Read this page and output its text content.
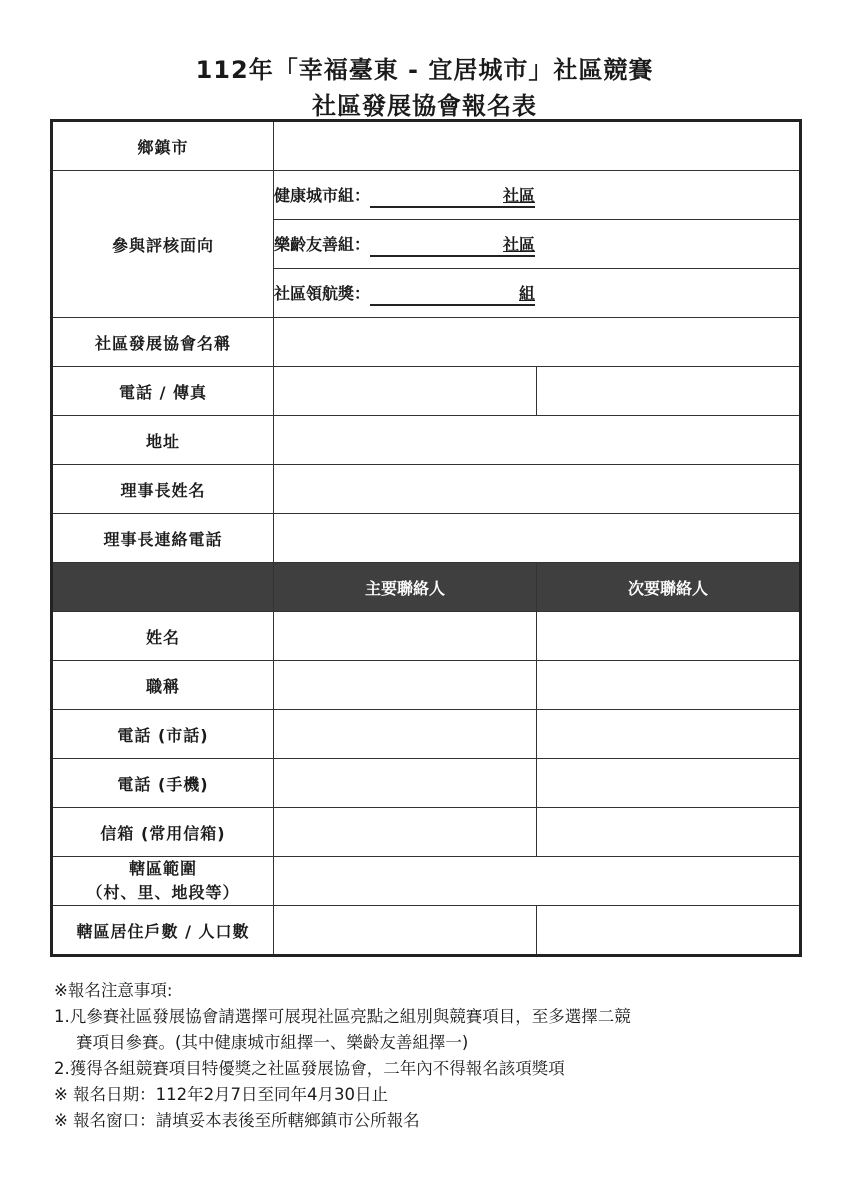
112年「幸福臺東 - 宜居城市」社區競賽
社區發展協會報名表
鄉鎮市		
參與評核面向	健康城市組： 社區	
	樂齡友善組： 社區	
	社區領航獎： 組	
社區發展協會名稱		
電話 / 傳真		
地址		
理事長姓名		
理事長連絡電話		
	主要聯絡人	次要聯絡人
姓名		
職稱		
電話 (市話)		
電話 (手機)		
信箱 (常用信箱)		

轄區範圍
（村、里、地段等）		

轄區居住戶數 / 人口數		
※報名注意事項:
1.凡參賽社區發展協會請選擇可展現社區亮點之組別與競賽項目，至多選擇二競
賽項目參賽。(其中健康城市組擇一、樂齡友善組擇一)
2.獲得各組競賽項目特優獎之社區發展協會，二年內不得報名該項獎項
※ 報名日期：112年2月7日至同年4月30日止
※ 報名窗口：請填妥本表後至所轄鄉鎮市公所報名
